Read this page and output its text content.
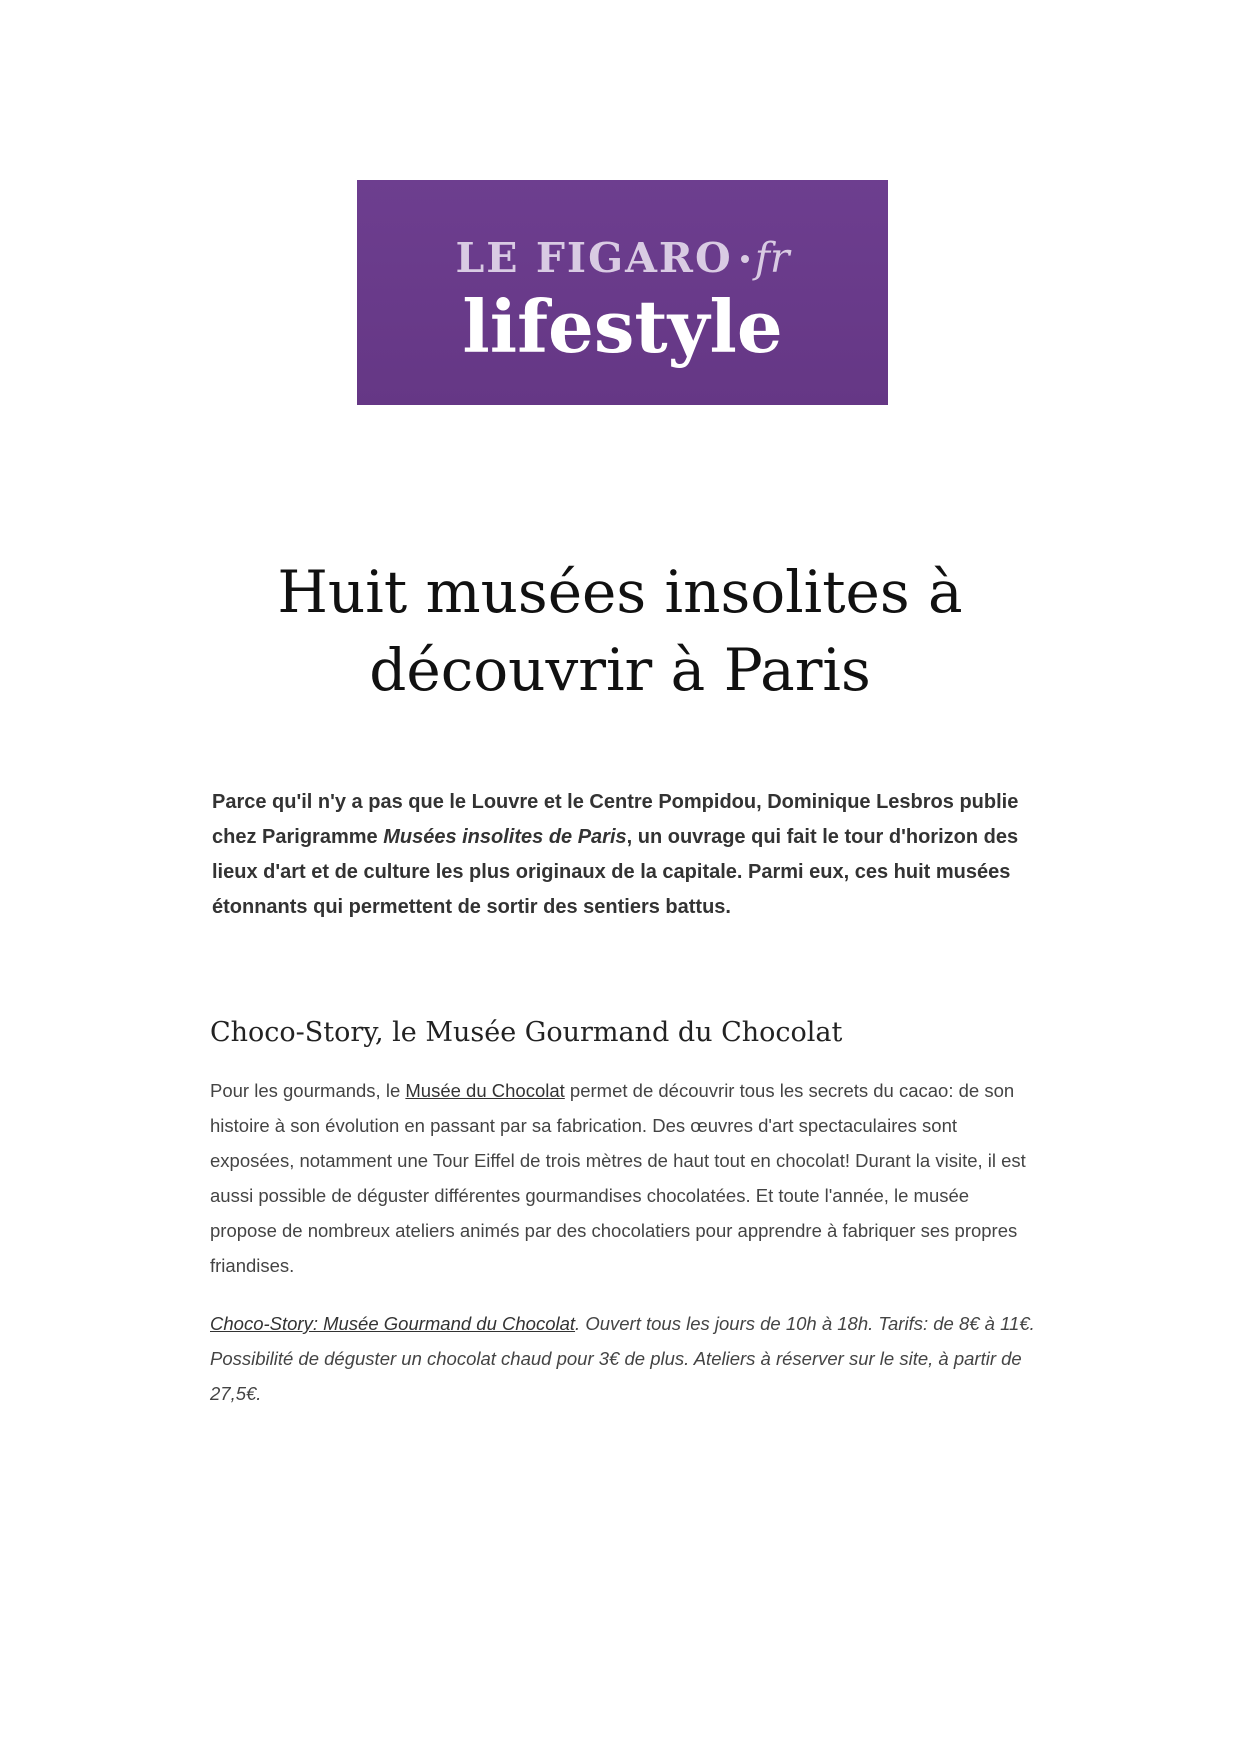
LE FIGARO fr
lifestyle
Huit musées insolites à découvrir à Paris

Parce qu'il n'y a pas que le Louvre et le Centre Pompidou, Dominique Lesbros publie chez Parigramme Musées insolites de Paris, un ouvrage qui fait le tour d'horizon des lieux d'art et de culture les plus originaux de la capitale. Parmi eux, ces huit musées étonnants qui permettent de sortir des sentiers battus.

Choco-Story, le Musée Gourmand du Chocolat

Pour les gourmands, le Musée du Chocolat permet de découvrir tous les secrets du cacao: de son histoire à son évolution en passant par sa fabrication. Des œuvres d'art spectaculaires sont exposées, notamment une Tour Eiffel de trois mètres de haut tout en chocolat! Durant la visite, il est aussi possible de déguster différentes gourmandises chocolatées. Et toute l'année, le musée propose de nombreux ateliers animés par des chocolatiers pour apprendre à fabriquer ses propres friandises.

Choco-Story: Musée Gourmand du Chocolat. Ouvert tous les jours de 10h à 18h. Tarifs: de 8€ à 11€. Possibilité de déguster un chocolat chaud pour 3€ de plus. Ateliers à réserver sur le site, à partir de 27,5€.
